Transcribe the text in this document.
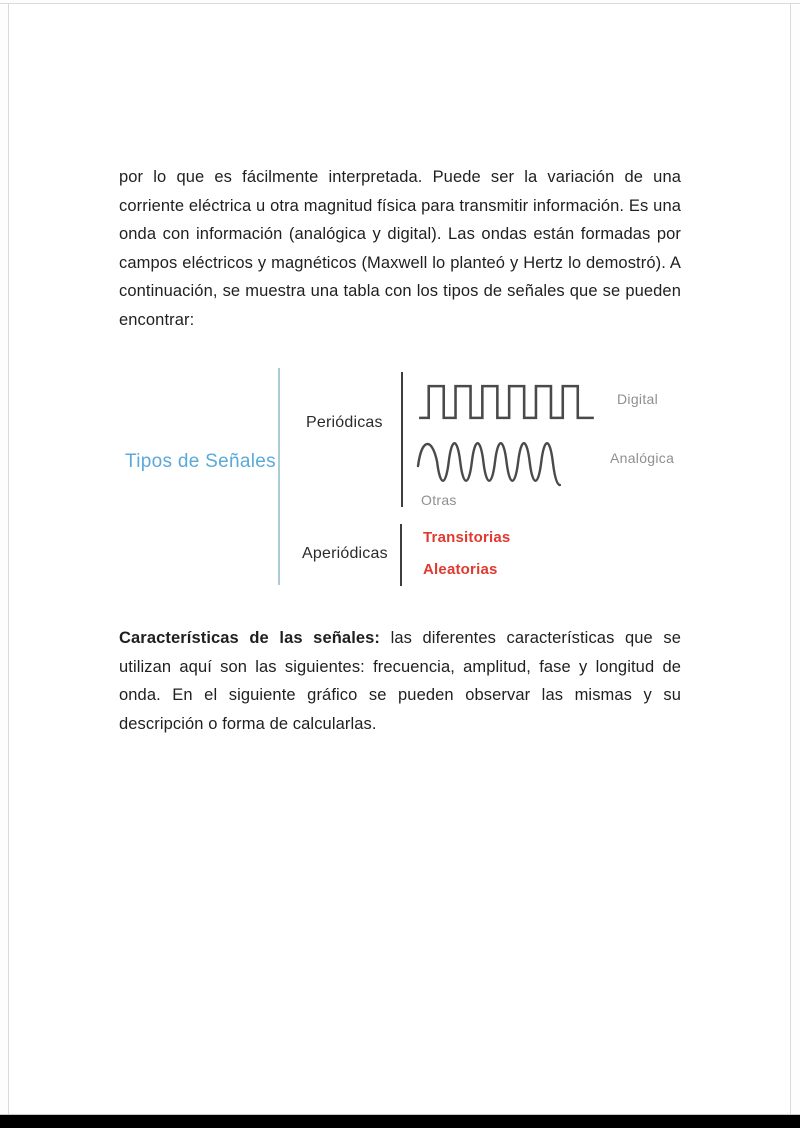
por lo que es fácilmente interpretada. Puede ser la variación de una corriente eléctrica u otra magnitud física para transmitir información. Es una onda con información (analógica y digital). Las ondas están formadas por campos eléctricos y magnéticos (Maxwell lo planteó y Hertz lo demostró). A continuación, se muestra una tabla con los tipos de señales que se pueden encontrar:

Tipos de Señales
Periódicas
Digital
Analógica
Otras
Aperiódicas
Transitorias
Aleatorias

Características de las señales: las diferentes características que se utilizan aquí son las siguientes: frecuencia, amplitud, fase y longitud de onda. En el siguiente gráfico se pueden observar las mismas y su descripción o forma de calcularlas.
